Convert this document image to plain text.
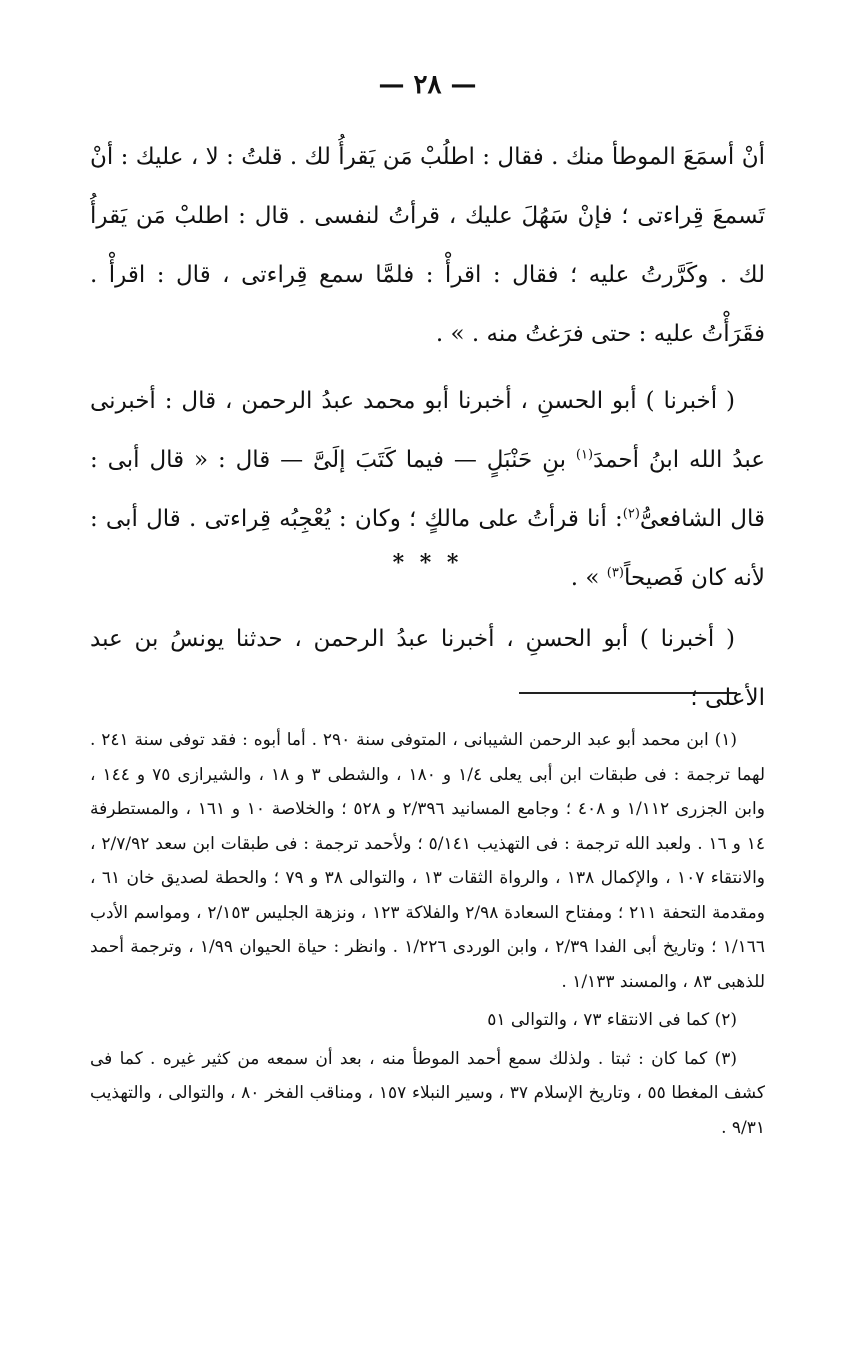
— ٢٨ —

أنْ أسمَعَ الموطأ منك . فقال : اطلُبْ مَن يَقرأُ لك . قلتُ : لا ، عليك : أنْ تَسمعَ قِراءتى ؛ فإنْ سَهُلَ عليك ، قرأتُ لنفسى . قال : اطلبْ مَن يَقرأُ لك . وكَرَّرتُ عليه ؛ فقال : اقرأْ : فلمَّا سمع قِراءتى ، قال : اقرأْ . فقَرَأْتُ عليه : حتى فرَغتُ منه . » .

( أخبرنا ) أبو الحسنِ ، أخبرنا أبو محمد عبدُ الرحمن ، قال : أخبرنى عبدُ الله ابنُ أحمدَ$^{(١)}$ بنِ حَنْبَلٍ — فيما كَتَبَ إلَىَّ — قال : « قال أبى : قال الشافعىُّ$^{(٢)}$: أنا قرأتُ على مالكٍ ؛ وكان : يُعْجِبُه قِراءتى . قال أبى : لأنه كان فَصيحاً$^{(٣)}$ » .

* * *

( أخبرنا ) أبو الحسنِ ، أخبرنا عبدُ الرحمن ، حدثنا يونسُ بن عبد الأعلى ؛

(١) ابن محمد أبو عبد الرحمن الشيبانى ، المتوفى سنة ٢٩٠ . أما أبوه : فقد توفى سنة ٢٤١ . لهما ترجمة : فى طبقات ابن أبى يعلى ١/٤ و ١٨٠ ، والشطى ٣ و ١٨ ، والشيرازى ٧٥ و ١٤٤ ، وابن الجزرى ١/١١٢ و ٤٠٨ ؛ وجامع المسانيد ٢/٣٩٦ و ٥٢٨ ؛ والخلاصة ١٠ و ١٦١ ، والمستطرفة ١٤ و ١٦ . ولعبد الله ترجمة : فى التهذيب ٥/١٤١ ؛ ولأحمد ترجمة : فى طبقات ابن سعد ٢/٧/٩٢ ، والانتقاء ١٠٧ ، والإكمال ١٣٨ ، والرواة الثقات ١٣ ، والتوالى ٣٨ و ٧٩ ؛ والحطة لصديق خان ٦١ ، ومقدمة التحفة ٢١١ ؛ ومفتاح السعادة ٢/٩٨ والفلاكة ١٢٣ ، ونزهة الجليس ٢/١٥٣ ، ومواسم الأدب ١/١٦٦ ؛ وتاريخ أبى الفدا ٢/٣٩ ، وابن الوردى ١/٢٢٦ . وانظر : حياة الحيوان ١/٩٩ ، وترجمة أحمد للذهبى ٨٣ ، والمسند ١/١٣٣ .

(٢) كما فى الانتقاء ٧٣ ، والتوالى ٥١

(٣) كما كان : ثبتا . ولذلك سمع أحمد الموطأ منه ، بعد أن سمعه من كثير غيره . كما فى كشف المغطا ٥٥ ، وتاريخ الإسلام ٣٧ ، وسير النبلاء ١٥٧ ، ومناقب الفخر ٨٠ ، والتوالى ، والتهذيب ٩/٣١ .
